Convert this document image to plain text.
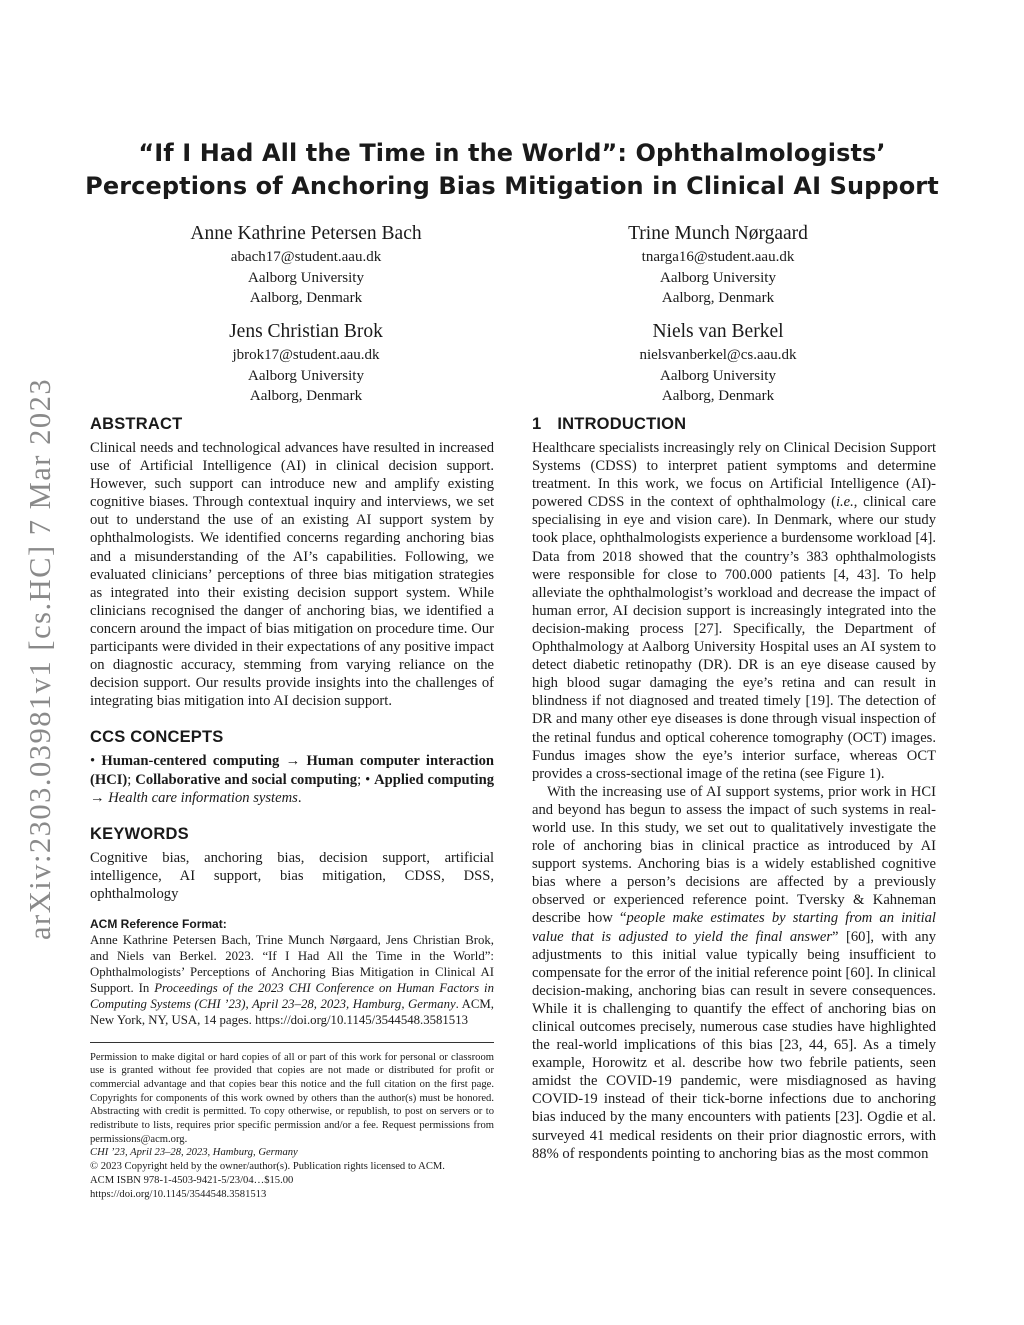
“If I Had All the Time in the World”: Ophthalmologists’
Perceptions of Anchoring Bias Mitigation in Clinical AI Support
arXiv:2303.03981v1 [cs.HC] 7 Mar 2023
Anne Kathrine Petersen Bach
abach17@student.aau.dk
Aalborg University
Aalborg, Denmark
Trine Munch Nørgaard
tnarga16@student.aau.dk
Aalborg University
Aalborg, Denmark
Jens Christian Brok
jbrok17@student.aau.dk
Aalborg University
Aalborg, Denmark
Niels van Berkel
nielsvanberkel@cs.aau.dk
Aalborg University
Aalborg, Denmark
ABSTRACT

Clinical needs and technological advances have resulted in increased use of Artificial Intelligence (AI) in clinical decision support. However, such support can introduce new and amplify existing cognitive biases. Through contextual inquiry and interviews, we set out to understand the use of an existing AI support system by ophthalmologists. We identified concerns regarding anchoring bias and a misunderstanding of the AI’s capabilities. Following, we evaluated clinicians’ perceptions of three bias mitigation strategies as integrated into their existing decision support system. While clinicians recognised the danger of anchoring bias, we identified a concern around the impact of bias mitigation on procedure time. Our participants were divided in their expectations of any positive impact on diagnostic accuracy, stemming from varying reliance on the decision support. Our results provide insights into the challenges of integrating bias mitigation into AI decision support.

CCS CONCEPTS

• Human-centered computing → Human computer interaction (HCI); Collaborative and social computing; • Applied computing → Health care information systems.

KEYWORDS

Cognitive bias, anchoring bias, decision support, artificial intelligence, AI support, bias mitigation, CDSS, DSS, ophthalmology

ACM Reference Format:

Anne Kathrine Petersen Bach, Trine Munch Nørgaard, Jens Christian Brok, and Niels van Berkel. 2023. “If I Had All the Time in the World”: Ophthalmologists’ Perceptions of Anchoring Bias Mitigation in Clinical AI Support. In Proceedings of the 2023 CHI Conference on Human Factors in Computing Systems (CHI ’23), April 23–28, 2023, Hamburg, Germany. ACM, New York, NY, USA, 14 pages. https://doi.org/10.1145/3544548.3581513

Permission to make digital or hard copies of all or part of this work for personal or classroom use is granted without fee provided that copies are not made or distributed for profit or commercial advantage and that copies bear this notice and the full citation on the first page. Copyrights for components of this work owned by others than the author(s) must be honored. Abstracting with credit is permitted. To copy otherwise, or republish, to post on servers or to redistribute to lists, requires prior specific permission and/or a fee. Request permissions from permissions@acm.org.

CHI ’23, April 23–28, 2023, Hamburg, Germany

© 2023 Copyright held by the owner/author(s). Publication rights licensed to ACM.

ACM ISBN 978-1-4503-9421-5/23/04…$15.00

https://doi.org/10.1145/3544548.3581513

1 INTRODUCTION

Healthcare specialists increasingly rely on Clinical Decision Support Systems (CDSS) to interpret patient symptoms and determine treatment. In this work, we focus on Artificial Intelligence (AI)-powered CDSS in the context of ophthalmology (i.e., clinical care specialising in eye and vision care). In Denmark, where our study took place, ophthalmologists experience a burdensome workload [4]. Data from 2018 showed that the country’s 383 ophthalmologists were responsible for close to 700.000 patients [4, 43]. To help alleviate the ophthalmologist’s workload and decrease the impact of human error, AI decision support is increasingly integrated into the decision-making process [27]. Specifically, the Department of Ophthalmology at Aalborg University Hospital uses an AI system to detect diabetic retinopathy (DR). DR is an eye disease caused by high blood sugar damaging the eye’s retina and can result in blindness if not diagnosed and treated timely [19]. The detection of DR and many other eye diseases is done through visual inspection of the retinal fundus and optical coherence tomography (OCT) images. Fundus images show the eye’s interior surface, whereas OCT provides a cross-sectional image of the retina (see Figure 1).

With the increasing use of AI support systems, prior work in HCI and beyond has begun to assess the impact of such systems in real-world use. In this study, we set out to qualitatively investigate the role of anchoring bias in clinical practice as introduced by AI support systems. Anchoring bias is a widely established cognitive bias where a person’s decisions are affected by a previously observed or experienced reference point. Tversky & Kahneman describe how “people make estimates by starting from an initial value that is adjusted to yield the final answer” [60], with any adjustments to this initial value typically being insufficient to compensate for the error of the initial reference point [60]. In clinical decision-making, anchoring bias can result in severe consequences. While it is challenging to quantify the effect of anchoring bias on clinical outcomes precisely, numerous case studies have highlighted the real-world implications of this bias [23, 44, 65]. As a timely example, Horowitz et al. describe how two febrile patients, seen amidst the COVID-19 pandemic, were misdiagnosed as having COVID-19 instead of their tick-borne infections due to anchoring bias induced by the many encounters with patients [23]. Ogdie et al. surveyed 41 medical residents on their prior diagnostic errors, with 88% of respondents pointing to anchoring bias as the most common
